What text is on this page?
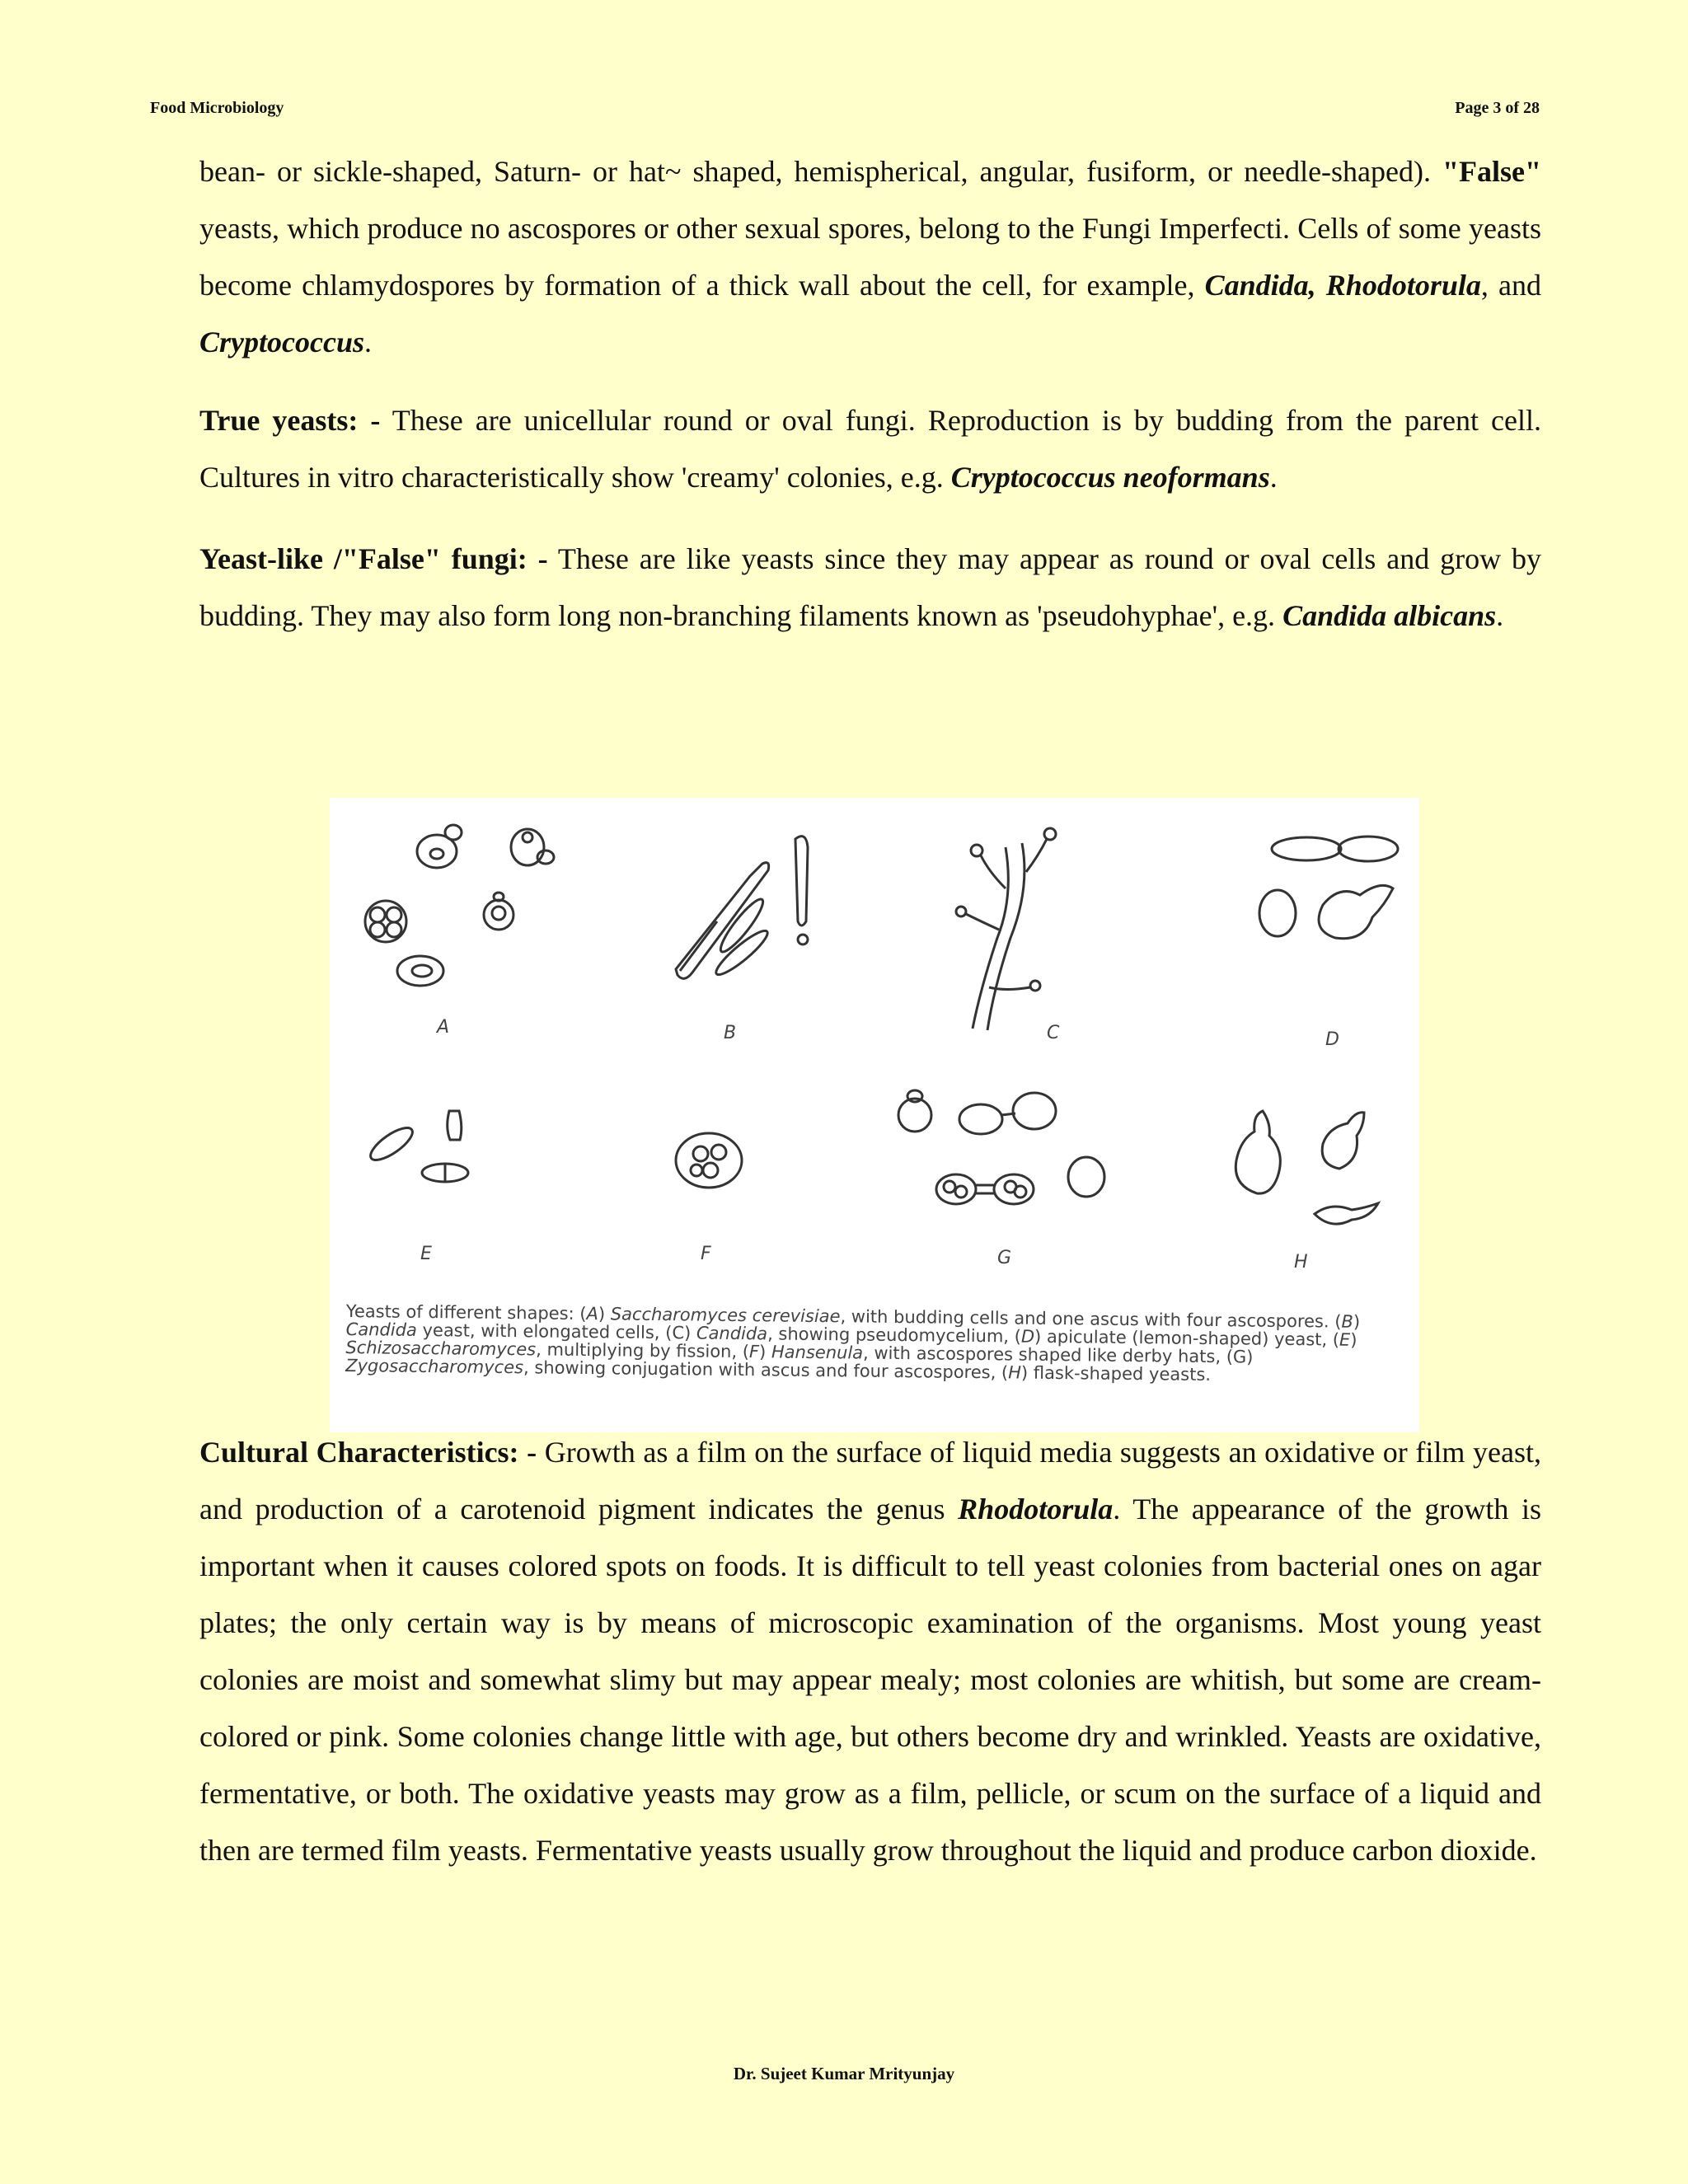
Food Microbiology	Page 3 of 28

bean- or sickle-shaped, Saturn- or hat~ shaped, hemispherical, angular, fusiform, or needle-shaped). "False" yeasts, which produce no ascospores or other sexual spores, belong to the Fungi Imperfecti. Cells of some yeasts become chlamydospores by formation of a thick wall about the cell, for example, Candida, Rhodotorula, and Cryptococcus.

True yeasts: - These are unicellular round or oval fungi. Reproduction is by budding from the parent cell. Cultures in vitro characteristically show 'creamy' colonies, e.g. Cryptococcus neoformans.

Yeast-like /"False" fungi: - These are like yeasts since they may appear as round or oval cells and grow by budding. They may also form long non-branching filaments known as 'pseudohyphae', e.g. Candida albicans.

A	B	C	D
E	F	G	H
Yeasts of different shapes: (A) Saccharomyces cerevisiae, with budding cells and one ascus with four ascospores. (B) Candida yeast, with elongated cells, (C) Candida, showing pseudomycelium, (D) apiculate (lemon-shaped) yeast, (E) Schizosaccharomyces, multiplying by fission, (F) Hansenula, with ascospores shaped like derby hats, (G) Zygosaccharomyces, showing conjugation with ascus and four ascospores, (H) flask-shaped yeasts.

Cultural Characteristics: - Growth as a film on the surface of liquid media suggests an oxidative or film yeast, and production of a carotenoid pigment indicates the genus Rhodotorula. The appearance of the growth is important when it causes colored spots on foods. It is difficult to tell yeast colonies from bacterial ones on agar plates; the only certain way is by means of microscopic examination of the organisms. Most young yeast colonies are moist and somewhat slimy but may appear mealy; most colonies are whitish, but some are cream-colored or pink. Some colonies change little with age, but others become dry and wrinkled. Yeasts are oxidative, fermentative, or both. The oxidative yeasts may grow as a film, pellicle, or scum on the surface of a liquid and then are termed film yeasts. Fermentative yeasts usually grow throughout the liquid and produce carbon dioxide.

Dr. Sujeet Kumar Mrityunjay
